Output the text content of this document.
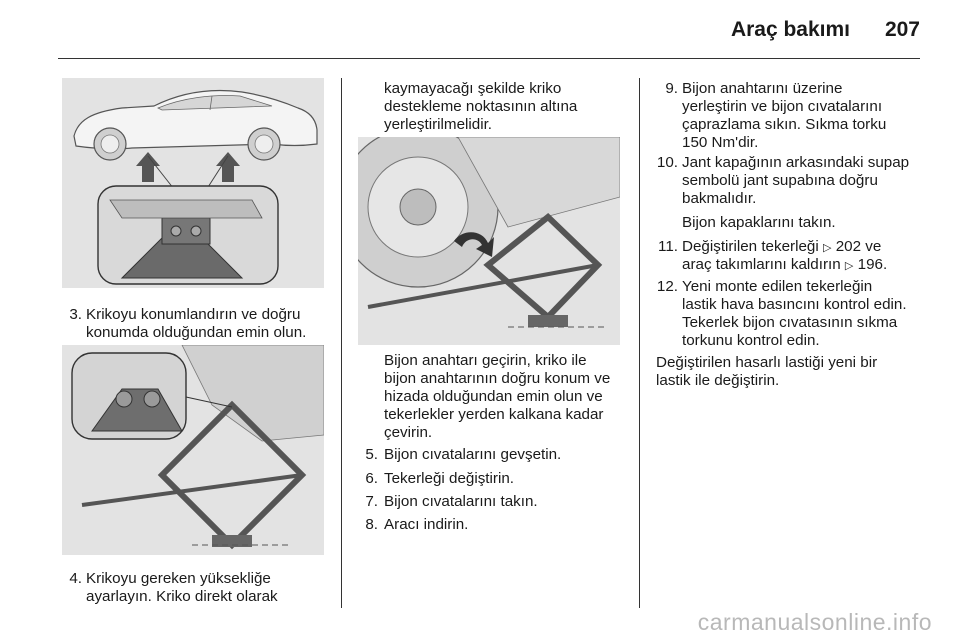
Araç bakımı 207
3. Krikoyu konumlandırın ve doğru
konumda olduğundan emin olun.
4. Krikoyu gereken yüksekliğe
ayarlayın. Kriko direkt olarak
kaymayacağı şekilde kriko
destekleme noktasının altına
yerleştirilmelidir.
Bijon anahtarı geçirin, kriko ile
bijon anahtarının doğru konum ve
hizada olduğundan emin olun ve
tekerlekler yerden kalkana kadar
çevirin.
5. Bijon cıvatalarını gevşetin.
6. Tekerleği değiştirin.
7. Bijon cıvatalarını takın.
8. Aracı indirin.
9. Bijon anahtarını üzerine
yerleştirin ve bijon cıvatalarını
çaprazlama sıkın. Sıkma torku
150 Nm'dir.
10. Jant kapağının arkasındaki supap
sembolü jant supabına doğru
bakmalıdır.
Bijon kapaklarını takın.
11. Değiştirilen tekerleği ▷ 202 ve
araç takımlarını kaldırın ▷ 196.
12. Yeni monte edilen tekerleğin
lastik hava basıncını kontrol edin.
Tekerlek bijon cıvatasının sıkma
torkunu kontrol edin.
Değiştirilen hasarlı lastiği yeni bir
lastik ile değiştirin.
carmanualsonline.info
